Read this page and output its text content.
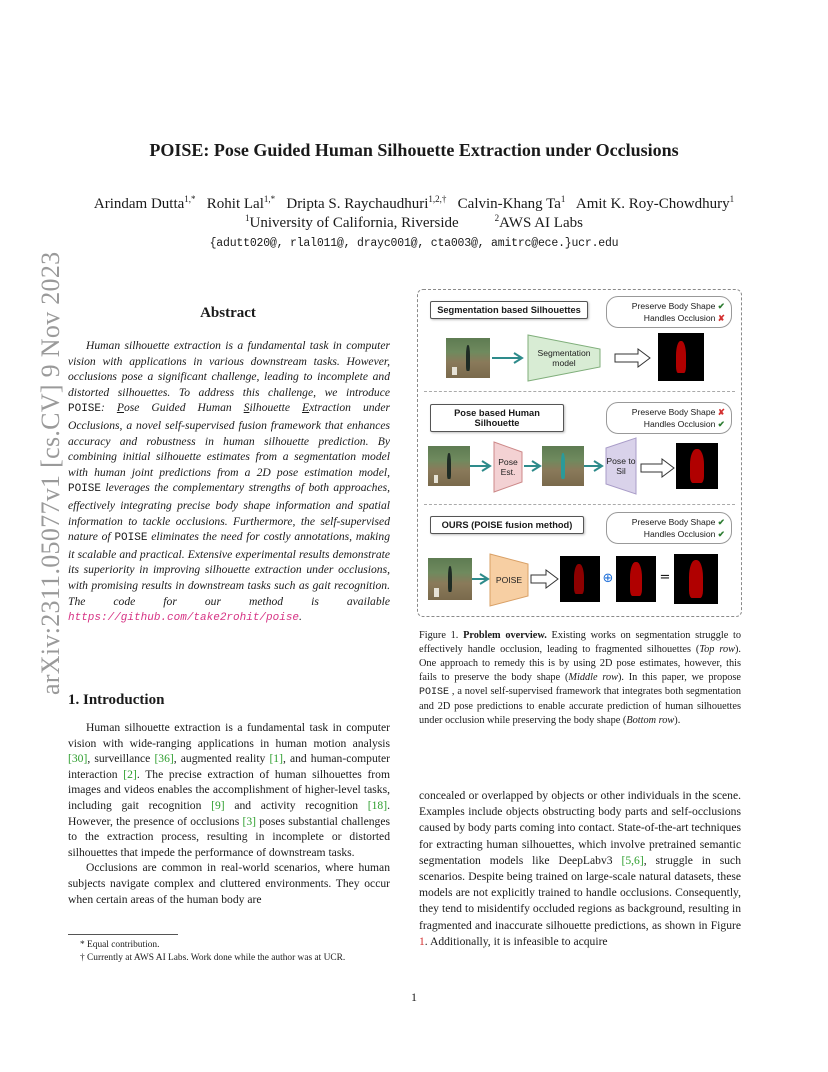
arXiv:2311.05077v1 [cs.CV] 9 Nov 2023
POISE: Pose Guided Human Silhouette Extraction under Occlusions
Arindam Dutta$^{1,*}$ Rohit Lal$^{1,*}$ Dripta S. Raychaudhuri$^{1,2,\dagger}$ Calvin-Khang Ta$^1$ Amit K. Roy-Chowdhury$^1$
$^1$University of California, Riverside	$^2$AWS AI Labs
{adutt020@, rlal011@, drayc001@, cta003@, amitrc@ece.}ucr.edu
Abstract
Human silhouette extraction is a fundamental task in computer vision with applications in various downstream tasks. However, occlusions pose a significant challenge, leading to incomplete and distorted silhouettes. To address this challenge, we introduce POISE: Pose Guided Human Silhouette Extraction under Occlusions, a novel self-supervised fusion framework that enhances accuracy and robustness in human silhouette prediction. By combining initial silhouette estimates from a segmentation model with human joint predictions from a 2D pose estimation model, POISE leverages the complementary strengths of both approaches, effectively integrating precise body shape information and spatial information to tackle occlusions. Furthermore, the self-supervised nature of POISE eliminates the need for costly annotations, making it scalable and practical. Extensive experimental results demonstrate its superiority in improving silhouette extraction under occlusions, with promising results in downstream tasks such as gait recognition. The code for our method is available https://github.com/take2rohit/poise.
1. Introduction

Human silhouette extraction is a fundamental task in computer vision with wide-ranging applications in human motion analysis [30], surveillance [36], augmented reality [1], and human-computer interaction [2]. The precise extraction of human silhouettes from images and videos enables the accomplishment of higher-level tasks, including gait recognition [9] and activity recognition [18]. However, the presence of occlusions [3] poses substantial challenges to the extraction process, resulting in incomplete or distorted silhouettes that impede the performance of downstream tasks.

Occlusions are common in real-world scenarios, where human subjects navigate complex and cluttered environments. They occur when certain areas of the human body are

* Equal contribution.
† Currently at AWS AI Labs. Work done while the author was at UCR.
Segmentation based Silhouettes	Preserve Body Shape ✔
Handles Occlusion ✘
Segmentation model
Pose based Human Silhouette
Preserve Body Shape ✘
Handles Occlusion ✔
Pose Est.
Pose to Sil
OURS (POISE fusion method)	Preserve Body Shape ✔
Handles Occlusion ✔
POISE	⊕	=
Figure 1. Problem overview. Existing works on segmentation struggle to effectively handle occlusion, leading to fragmented silhouettes (Top row). One approach to remedy this is by using 2D pose estimates, however, this fails to preserve the body shape (Middle row). In this paper, we propose POISE , a novel self-supervised framework that integrates both segmentation and 2D pose predictions to enable accurate prediction of human silhouettes under occlusion while preserving the body shape (Bottom row).
concealed or overlapped by objects or other individuals in the scene. Examples include objects obstructing body parts and self-occlusions caused by body parts coming into contact. State-of-the-art techniques for extracting human silhouettes, which involve pretrained semantic segmentation models like DeepLabv3 [5,6], struggle in such scenarios. Despite being trained on large-scale natural datasets, these models are not explicitly trained to handle occlusions. Consequently, they tend to misidentify occluded regions as background, resulting in fragmented and inaccurate silhouette predictions, as shown in Figure 1. Additionally, it is infeasible to acquire
1
